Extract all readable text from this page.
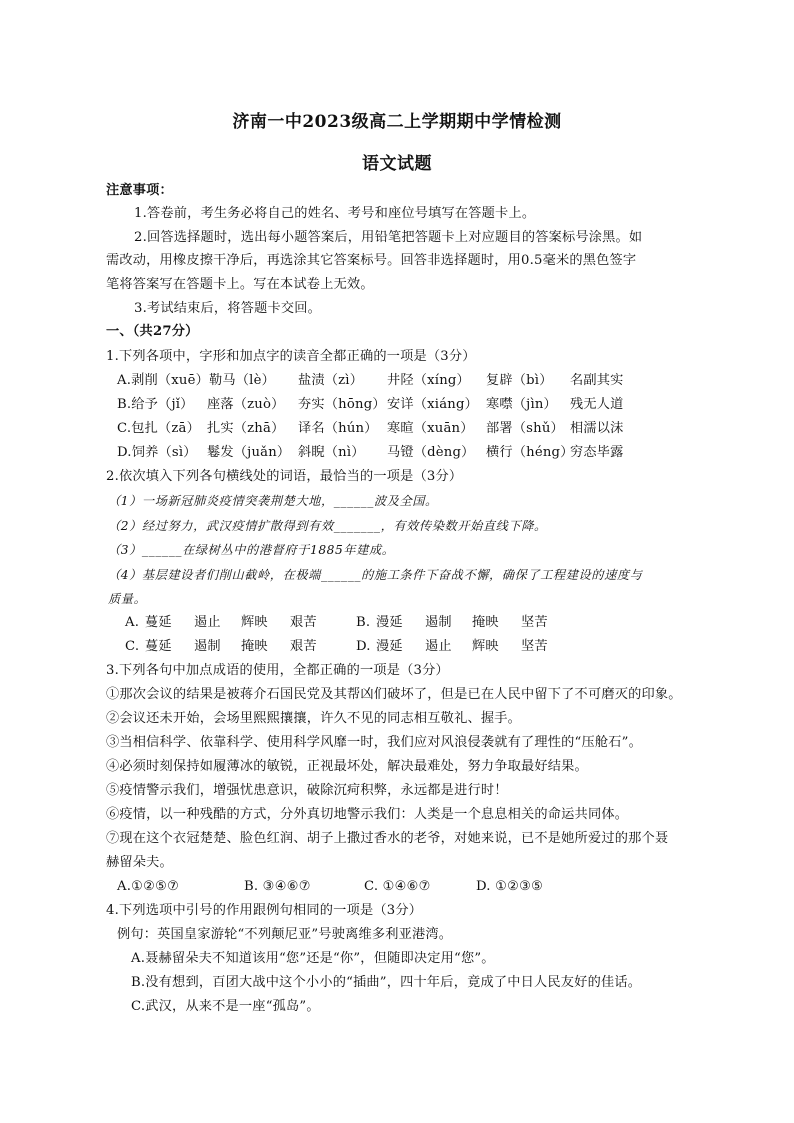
济南一中2023级高二上学期期中学情检测
语文试题
注意事项：
1.答卷前，考生务必将自己的姓名、考号和座位号填写在答题卡上。
2.回答选择题时，选出每小题答案后，用铅笔把答题卡上对应题目的答案标号涂黑。如
需改动，用橡皮擦干净后，再选涂其它答案标号。回答非选择题时，用0.5毫米的黑色签字
笔将答案写在答题卡上。写在本试卷上无效。
3.考试结束后，将答题卡交回。
一、（共27分）
1.下列各项中，字形和加点字的读音全都正确的一项是（3分）
A.剥削（xuē）勒马（lè） 盐渍（zì） 井陉（xíng） 复辟（bì） 名副其实
B.给予（jǐ） 座落（zuò） 夯实（hōng）安详（xiáng） 寒噤（jìn） 残无人道
C.包扎（zā） 扎实（zhā） 译名（hún） 寒暄（xuān） 部署（shǔ） 相濡以沫
D.饲养（sì） 鬈发（juǎn） 斜睨（nì） 马镫（dèng） 横行（héng）穷态毕露
2.依次填入下列各句横线处的词语，最恰当的一项是（3分）
（1）一场新冠肺炎疫情突袭荆楚大地，______波及全国。
（2）经过努力，武汉疫情扩散得到有效_______，有效传染数开始直线下降。
（3）______在绿树丛中的港督府于1885年建成。
（4）基层建设者们削山截岭，在极端______的施工条件下奋战不懈，确保了工程建设的速度与
质量。
A. 蔓延 遏止 辉映 艰苦	B. 漫延 遏制 掩映 坚苦
C. 蔓延 遏制 掩映 艰苦	D. 漫延 遏止 辉映 坚苦
3.下列各句中加点成语的使用，全都正确的一项是（3分）
①那次会议的结果是被蒋介石国民党及其帮凶们破坏了，但是已在人民中留下了不可磨灭的印象。
②会议还未开始，会场里熙熙攘攘，许久不见的同志相互敬礼、握手。
③当相信科学、依靠科学、使用科学风靡一时，我们应对风浪侵袭就有了理性的“压舱石”。
④必须时刻保持如履薄冰的敏锐，正视最坏处，解决最难处，努力争取最好结果。
⑤疫情警示我们，增强忧患意识，破除沉疴积弊，永远都是进行时！
⑥疫情，以一种残酷的方式，分外真切地警示我们：人类是一个息息相关的命运共同体。
⑦现在这个衣冠楚楚、脸色红润、胡子上撒过香水的老爷，对她来说，已不是她所爱过的那个聂
赫留朵夫。
A.①②⑤⑦	B. ③④⑥⑦	C. ①④⑥⑦	D. ①②③⑤
4.下列选项中引号的作用跟例句相同的一项是（3分）
例句：英国皇家游轮“不列颠尼亚”号驶离维多利亚港湾。
A.聂赫留朵夫不知道该用“您”还是“你”，但随即决定用“您”。
B.没有想到，百团大战中这个小小的“插曲”，四十年后，竟成了中日人民友好的佳话。
C.武汉，从来不是一座“孤岛”。
